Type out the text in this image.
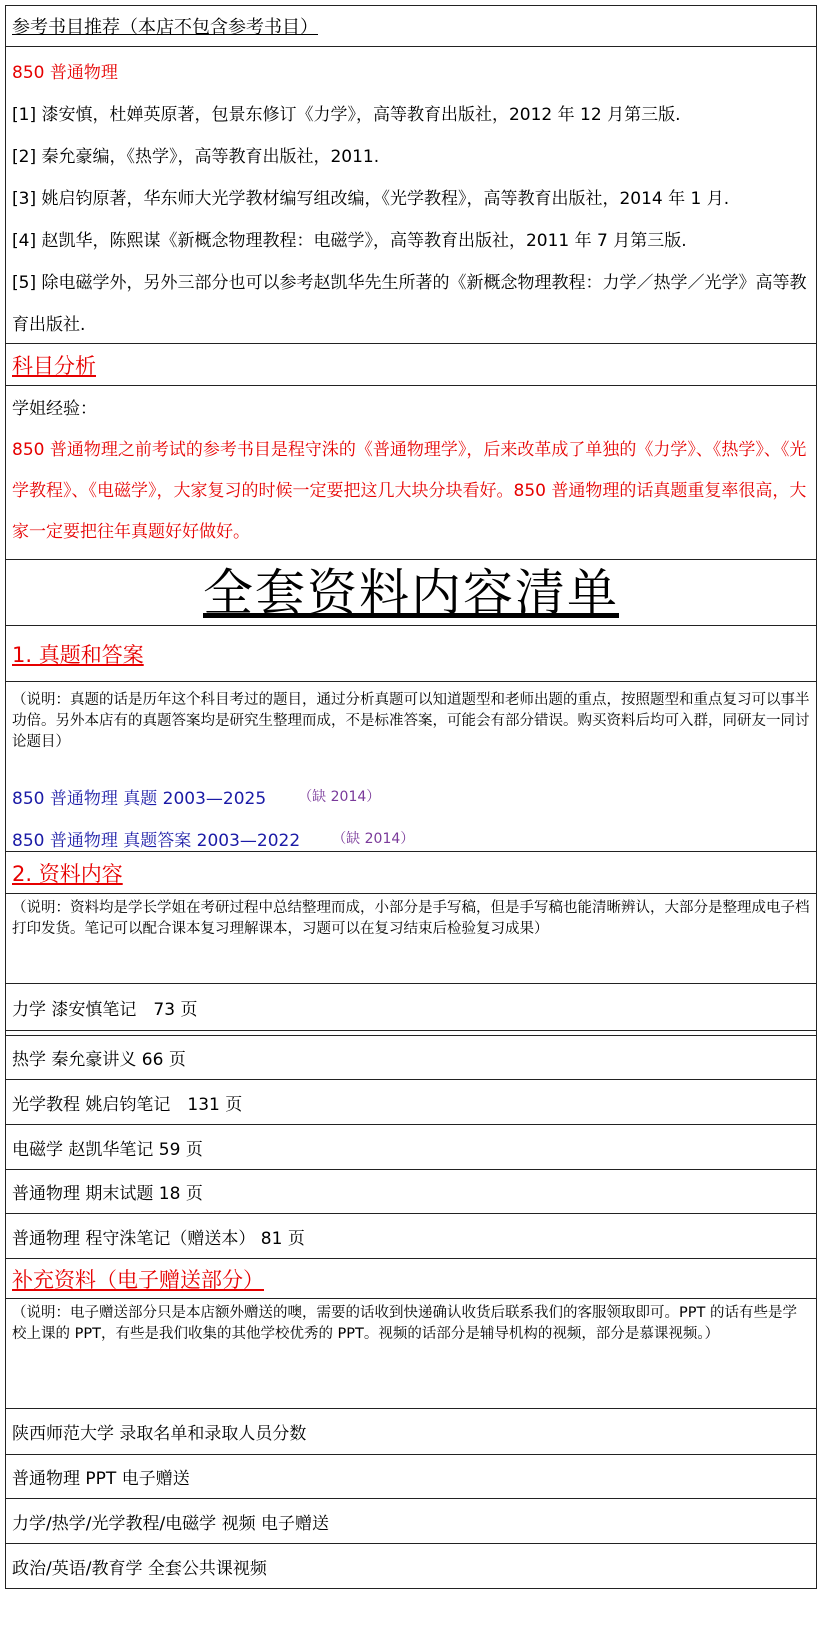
参考书目推荐（本店不包含参考书目）

850 普通物理

[1] 漆安慎，杜婵英原著，包景东修订《力学》，高等教育出版社，2012 年 12 月第三版.

[2] 秦允豪编，《热学》，高等教育出版社，2011.

[3] 姚启钧原著，华东师大光学教材编写组改编，《光学教程》，高等教育出版社，2014 年 1 月.

[4] 赵凯华，陈熙谋《新概念物理教程：电磁学》，高等教育出版社，2011 年 7 月第三版.

[5] 除电磁学外，另外三部分也可以参考赵凯华先生所著的《新概念物理教程：力学／热学／光学》高等教育出版社.

科目分析

学姐经验：

850 普通物理之前考试的参考书目是程守洙的《普通物理学》，后来改革成了单独的《力学》、《热学》、《光学教程》、《电磁学》，大家复习的时候一定要把这几大块分块看好。850 普通物理的话真题重复率很高，大家一定要把往年真题好好做好。

全套资料内容清单
1. 真题和答案
（说明：真题的话是历年这个科目考过的题目，通过分析真题可以知道题型和老师出题的重点，按照题型和重点复习可以事半功倍。另外本店有的真题答案均是研究生整理而成，不是标准答案，可能会有部分错误。购买资料后均可入群，同研友一同讨论题目）
850 普通物理 真题 2003—2025 （缺 2014）
850 普通物理 真题答案 2003—2022 （缺 2014）
2. 资料内容
（说明：资料均是学长学姐在考研过程中总结整理而成，小部分是手写稿，但是手写稿也能清晰辨认，大部分是整理成电子档打印发货。笔记可以配合课本复习理解课本，习题可以在复习结束后检验复习成果）
力学 漆安慎笔记　73 页
热学 秦允豪讲义 66 页
光学教程 姚启钧笔记　131 页
电磁学 赵凯华笔记 59 页
普通物理 期末试题 18 页
普通物理 程守洙笔记（赠送本） 81 页
补充资料（电子赠送部分）
（说明：电子赠送部分只是本店额外赠送的噢，需要的话收到快递确认收货后联系我们的客服领取即可。PPT 的话有些是学校上课的 PPT，有些是我们收集的其他学校优秀的 PPT。视频的话部分是辅导机构的视频，部分是慕课视频。）
陕西师范大学 录取名单和录取人员分数
普通物理 PPT 电子赠送
力学/热学/光学教程/电磁学 视频 电子赠送
政治/英语/教育学 全套公共课视频
